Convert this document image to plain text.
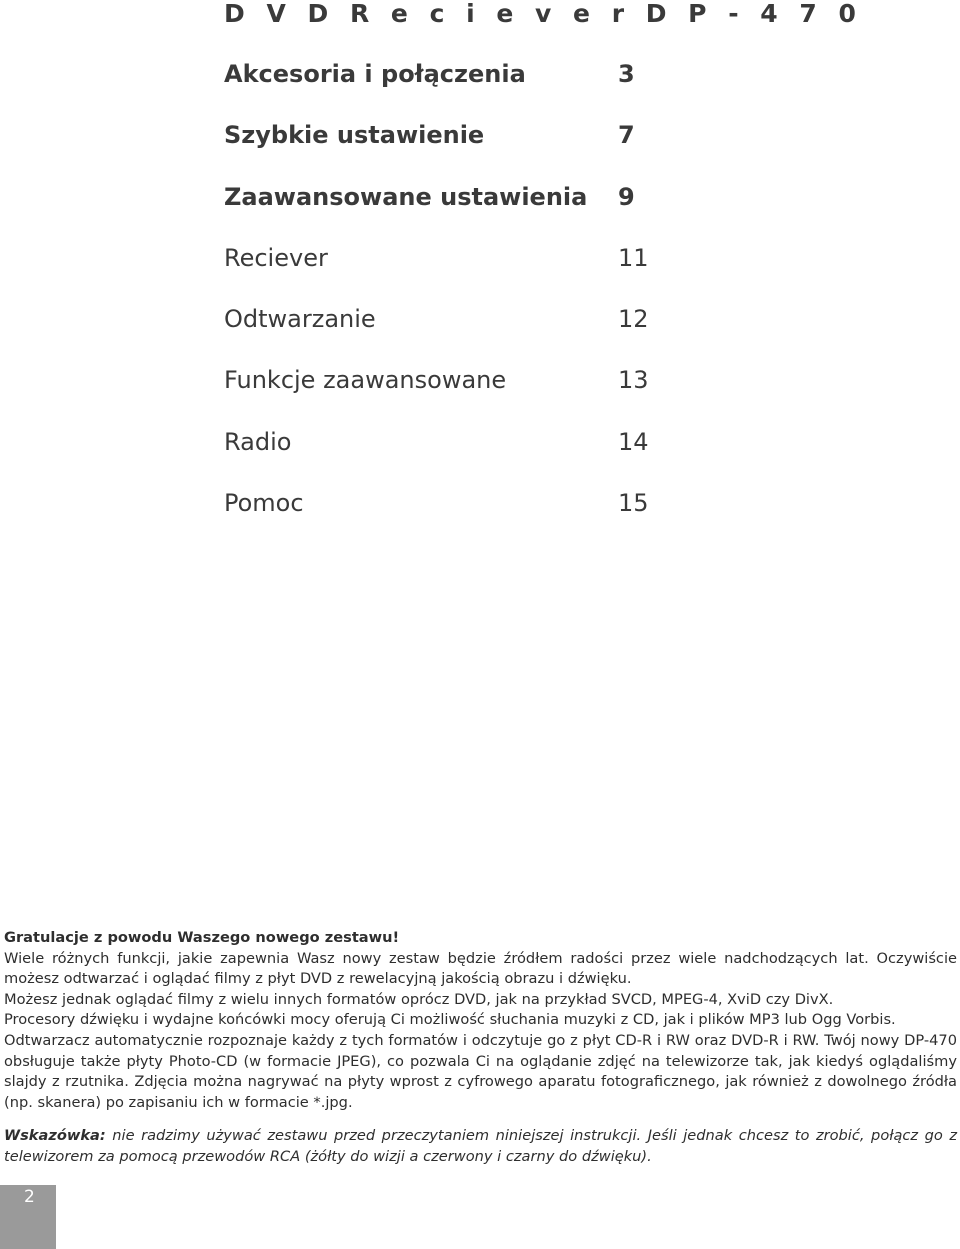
D V D R e c i e v e r D P - 4 7 0
Akcesoria i połączenia	3
Szybkie ustawienie	7
Zaawansowane ustawienia 9
Reciever	11
Odtwarzanie	12
Funkcje zaawansowane	13
Radio	14
Pomoc	15

Gratulacje z powodu Waszego nowego zestawu!

Wiele różnych funkcji, jakie zapewnia Wasz nowy zestaw będzie źródłem radości przez wiele nadchodzących lat. Oczywiście możesz odtwarzać i oglądać filmy z płyt DVD z rewelacyjną jakością obrazu i dźwięku.

Możesz jednak oglądać filmy z wielu innych formatów oprócz DVD, jak na przykład SVCD, MPEG-4, XviD czy DivX.

Procesory dźwięku i wydajne końcówki mocy oferują Ci możliwość słuchania muzyki z CD, jak i plików MP3 lub Ogg Vorbis.

Odtwarzacz automatycznie rozpoznaje każdy z tych formatów i odczytuje go z płyt CD-R i RW oraz DVD-R i RW. Twój nowy DP-470 obsługuje także płyty Photo-CD (w formacie JPEG), co pozwala Ci na oglądanie zdjęć na telewizorze tak, jak kiedyś oglądaliśmy slajdy z rzutnika. Zdjęcia można nagrywać na płyty wprost z cyfrowego aparatu fotograficznego, jak również z dowolnego źródła (np. skanera) po zapisaniu ich w formacie *.jpg.

Wskazówka: nie radzimy używać zestawu przed przeczytaniem niniejszej instrukcji. Jeśli jednak chcesz to zrobić, połącz go z telewizorem za pomocą przewodów RCA (żółty do wizji a czerwony i czarny do dźwięku).
2
